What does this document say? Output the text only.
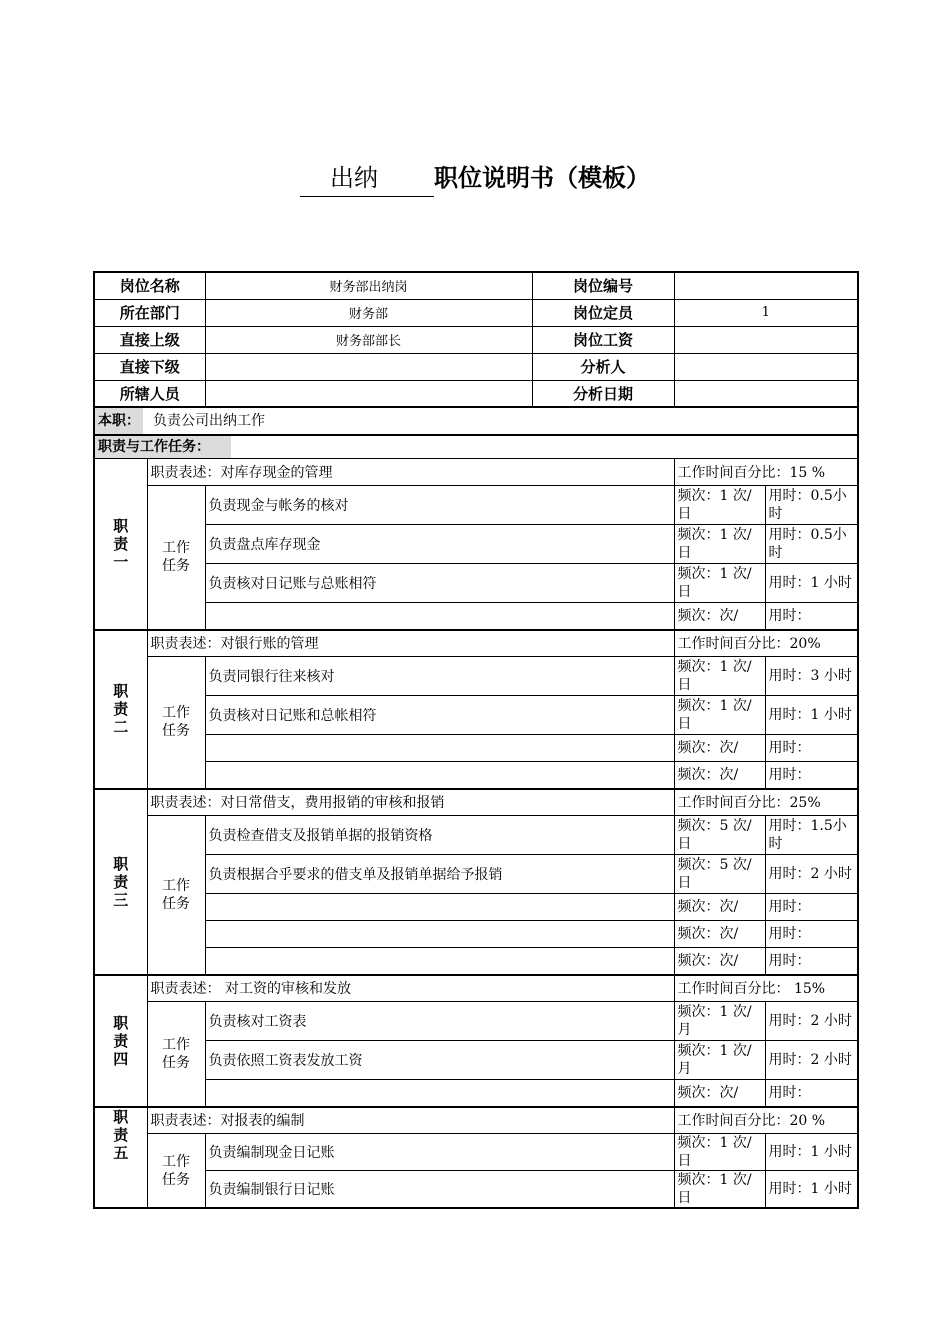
出纳 职位说明书（模板）
岗位名称		财务部出纳岗	岗位编号		
所在部门		财务部	岗位定员	1	
直接上级		财务部部长	岗位工资		
直接下级			分析人		
所辖人员			分析日期		
本职： 负责公司出纳工作					
职责与工作任务：					
职责一	职责表述：对库存现金的管理			工作时间百分比：15 %	
	工作任务	负责现金与帐务的核对		频次：1 次/日	用时：0.5小时
		负责盘点库存现金		频次：1 次/日	用时：0.5小时
		负责核对日记账与总账相符		频次：1 次/日	用时：1 小时
				频次：次/	用时：
职责二	职责表述：对银行账的管理			工作时间百分比：20%	
	工作任务	负责同银行往来核对		频次：1 次/日	用时：3 小时
		负责核对日记账和总帐相符		频次：1 次/日	用时：1 小时
				频次：次/	用时：
				频次：次/	用时：
职责三	职责表述：对日常借支，费用报销的审核和报销			工作时间百分比：25%	
	工作任务	负责检查借支及报销单据的报销资格		频次：5 次/日	用时：1.5小时
		负责根据合乎要求的借支单及报销单据给予报销		频次：5 次/日	用时：2 小时
				频次：次/	用时：
				频次：次/	用时：
				频次：次/	用时：
职责四	职责表述： 对工资的审核和发放			工作时间百分比： 15%	
	工作任务	负责核对工资表		频次：1 次/月	用时：2 小时
		负责依照工资表发放工资		频次：1 次/月	用时：2 小时
				频次：次/	用时：
职责五	职责表述：对报表的编制			工作时间百分比：20 %	
	工作任务	负责编制现金日记账		频次：1 次/日	用时：1 小时
		负责编制银行日记账		频次：1 次/日	用时：1 小时
